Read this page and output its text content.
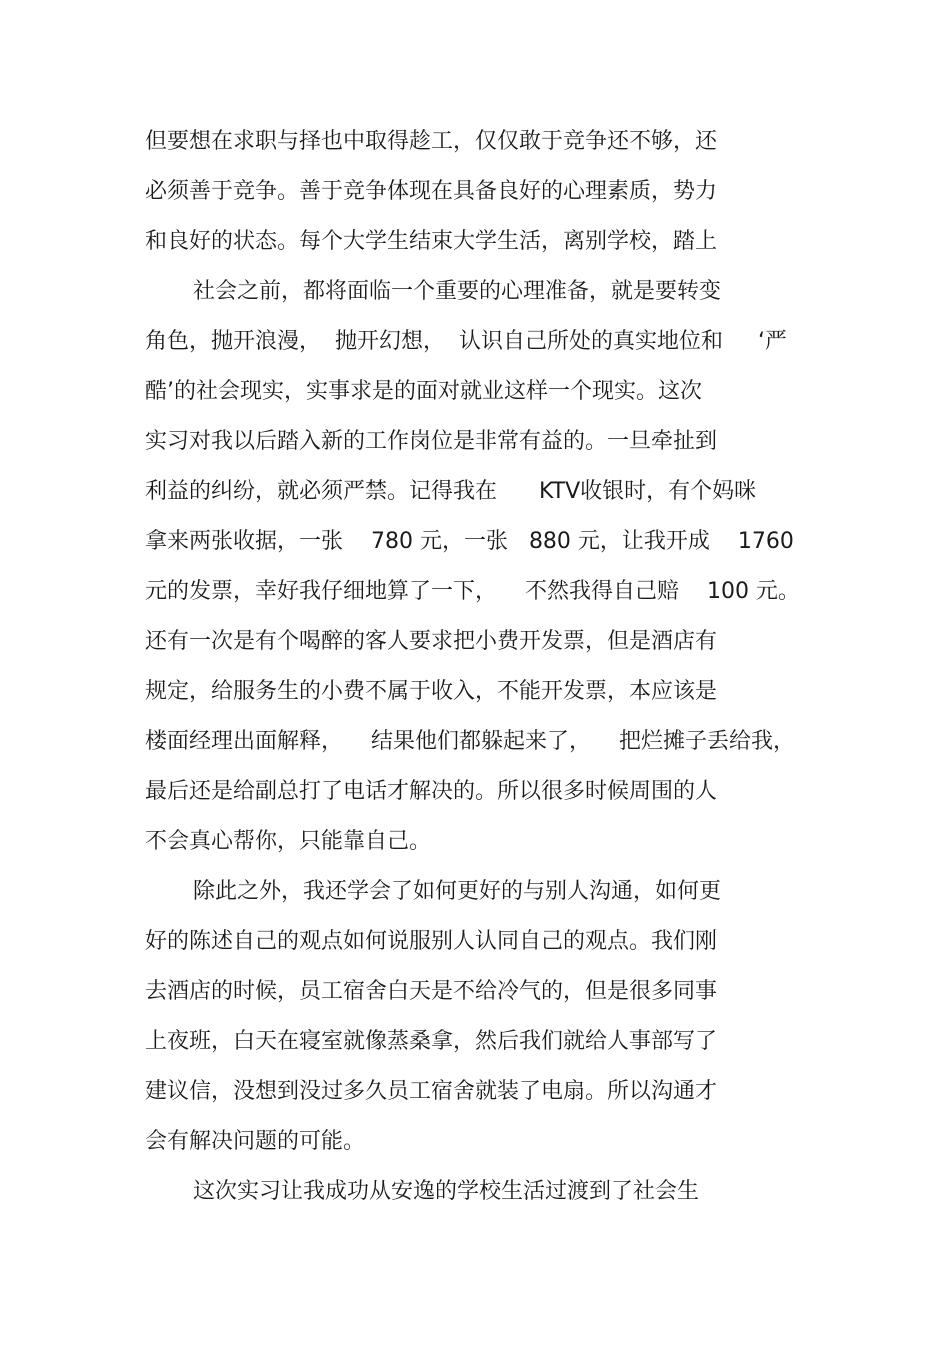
但要想在求职与择也中取得趁工，仅仅敢于竞争还不够，还
必须善于竞争。善于竞争体现在具备良好的心理素质，势力
和良好的状态。每个大学生结束大学生活，离别学校，踏上
社会之前，都将面临一个重要的心理准备，就是要转变
角色，抛开浪漫，  抛开幻想，  认识自己所处的真实地位和     ‘严
酷’的社会现实，实事求是的面对就业这样一个现实。这次
实习对我以后踏入新的工作岗位是非常有益的。一旦牵扯到
利益的纠纷，就必须严禁。记得我在      KTV收银时，有个妈咪
拿来两张收据，一张    780 元，一张   880 元，让我开成    1760
元的发票，幸好我仔细地算了一下，    不然我得自己赔    100 元。
还有一次是有个喝醉的客人要求把小费开发票，但是酒店有
规定，给服务生的小费不属于收入，不能开发票，本应该是
楼面经理出面解释，    结果他们都躲起来了，    把烂摊子丢给我，
最后还是给副总打了电话才解决的。所以很多时候周围的人
不会真心帮你，只能靠自己。
除此之外，我还学会了如何更好的与别人沟通，如何更
好的陈述自己的观点如何说服别人认同自己的观点。我们刚
去酒店的时候，员工宿舍白天是不给冷气的，但是很多同事
上夜班，白天在寝室就像蒸桑拿，然后我们就给人事部写了
建议信，没想到没过多久员工宿舍就装了电扇。所以沟通才
会有解决问题的可能。
这次实习让我成功从安逸的学校生活过渡到了社会生
